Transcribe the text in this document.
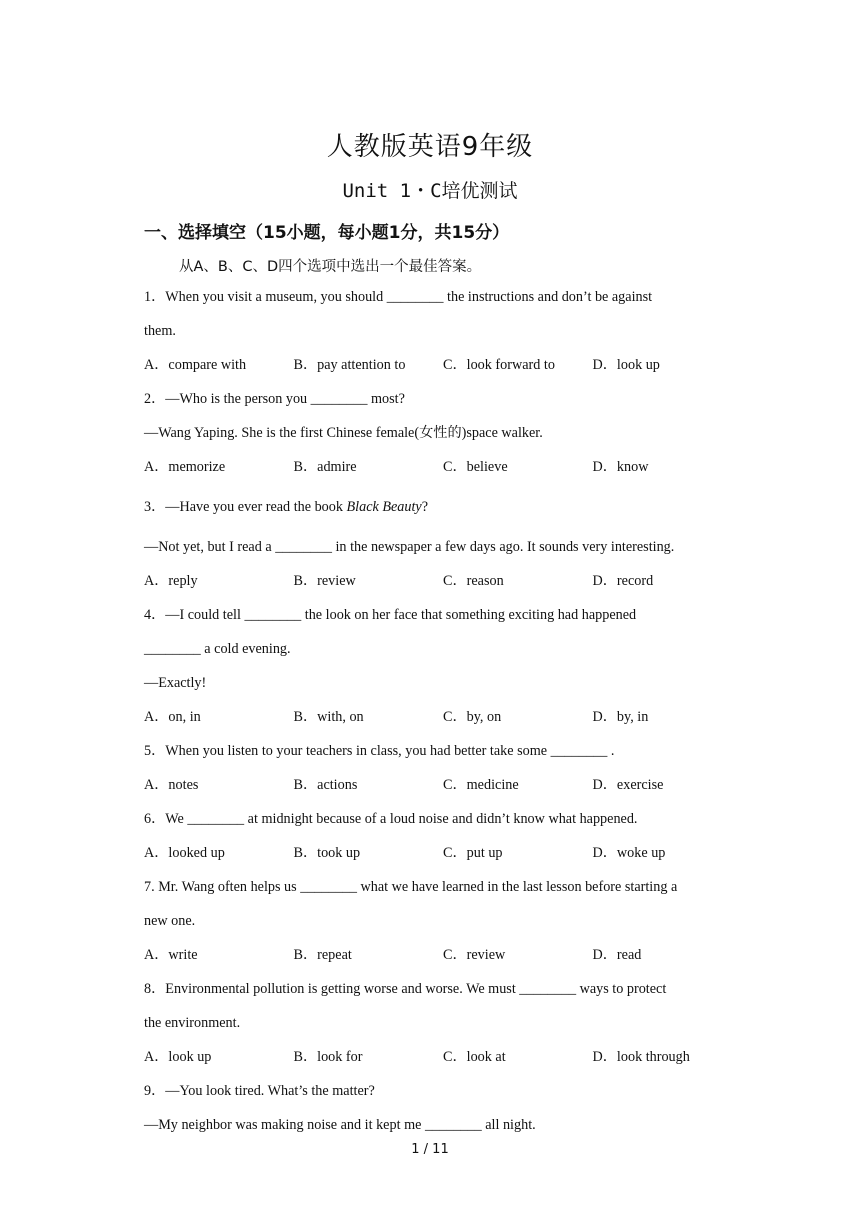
人教版英语9年级
Unit 1・C培优测试
一、选择填空（15小题，每小题1分，共15分）
从A、B、C、D四个选项中选出一个最佳答案。
1．When you visit a museum, you should ________ the instructions and don’t be against
them.
A．compare with	B．pay attention to	C．look forward to	D．look up
2．—Who is the person you ________ most?
—Wang Yaping. She is the first Chinese female(女性的)space walker.
A．memorize	B．admire	C．believe	D．know
3．—Have you ever read the book Black Beauty?
—Not yet, but I read a ________ in the newspaper a few days ago. It sounds very interesting.
A．reply	B．review	C．reason	D．record
4．—I could tell ________ the look on her face that something exciting had happened
________ a cold evening.
—Exactly!
A．on, in	B．with, on	C．by, on	D．by, in
5．When you listen to your teachers in class, you had better take some ________ .
A．notes	B．actions	C．medicine	D．exercise
6．We ________ at midnight because of a loud noise and didn’t know what happened.
A．looked up	B．took up	C．put up	D．woke up
7. Mr. Wang often helps us ________ what we have learned in the last lesson before starting a
new one.
A．write	B．repeat	C．review	D．read
8．Environmental pollution is getting worse and worse. We must ________ ways to protect
the environment.
A．look up	B．look for	C．look at	D．look through
9．—You look tired. What’s the matter?
—My neighbor was making noise and it kept me ________ all night.
1 / 11
